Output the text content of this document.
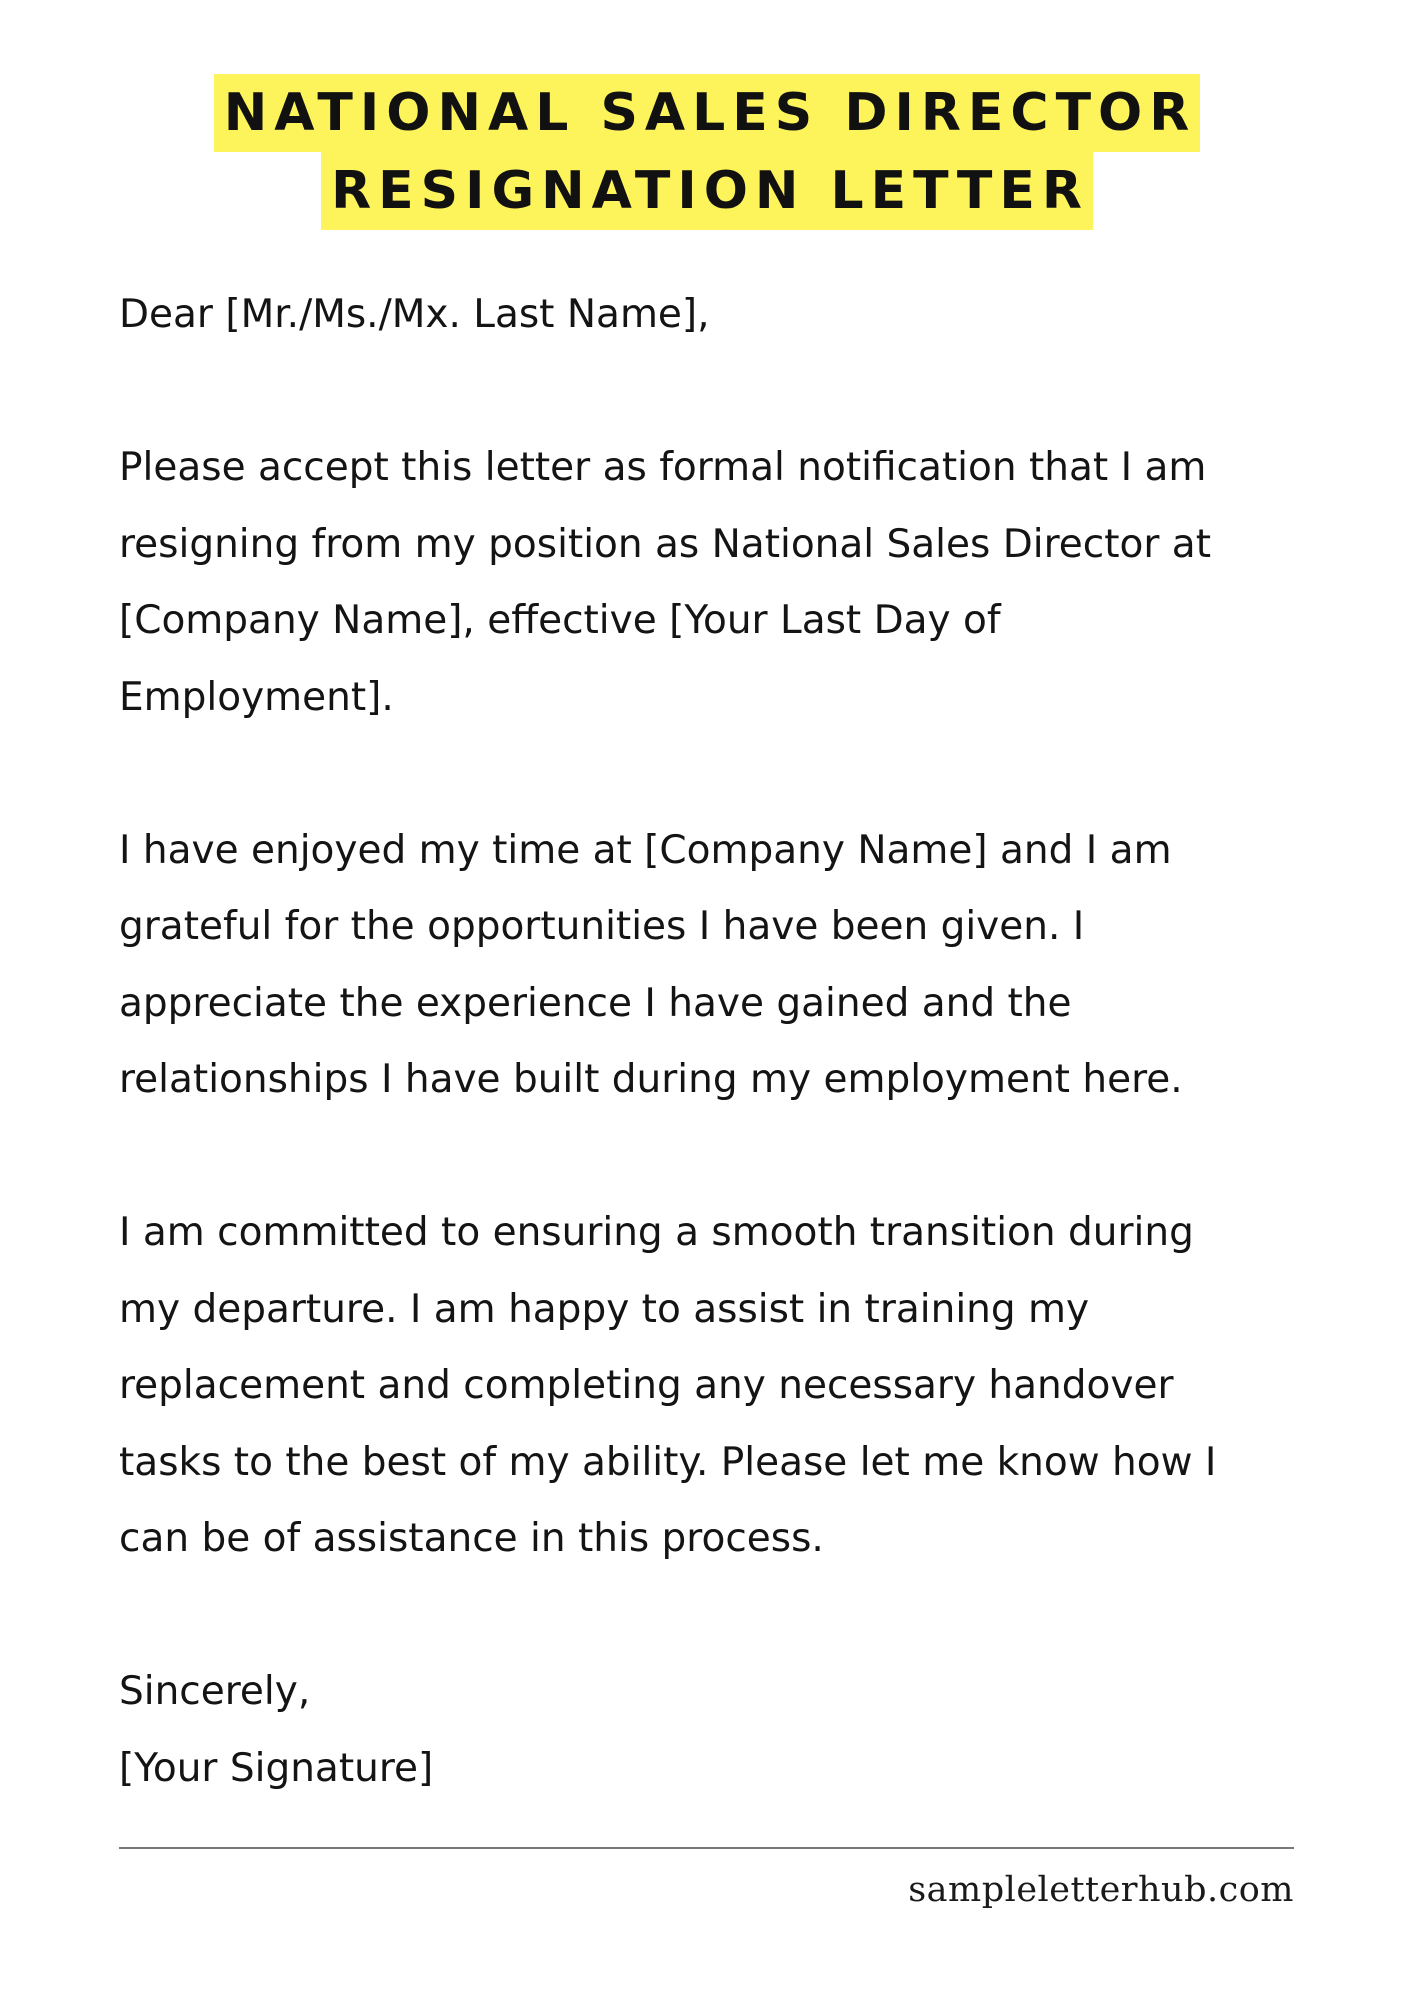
NATIONAL SALES DIRECTOR
RESIGNATION LETTER

Dear [Mr./Ms./Mx. Last Name],

Please accept this letter as formal notification that I am

resigning from my position as National Sales Director at

[Company Name], effective [Your Last Day of

Employment].

I have enjoyed my time at [Company Name] and I am

grateful for the opportunities I have been given. I

appreciate the experience I have gained and the

relationships I have built during my employment here.

I am committed to ensuring a smooth transition during

my departure. I am happy to assist in training my

replacement and completing any necessary handover

tasks to the best of my ability. Please let me know how I

can be of assistance in this process.

Sincerely,

[Your Signature]

sampleletterhub.com
